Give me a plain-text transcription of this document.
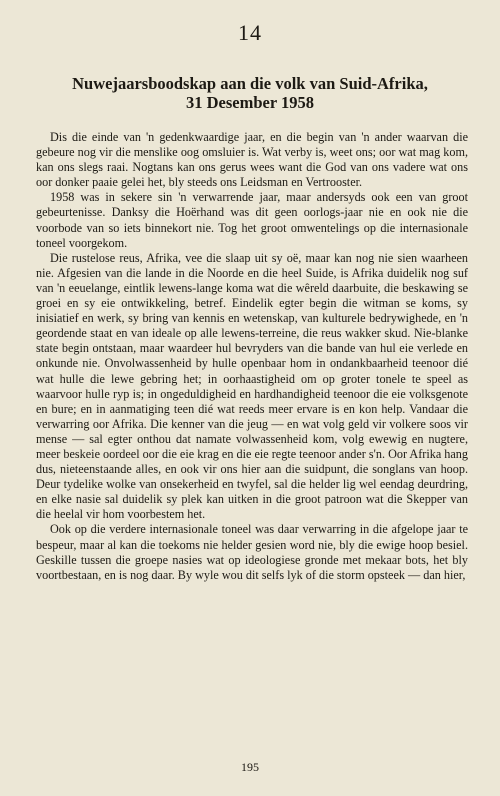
14
Nuwejaarsboodskap aan die volk van Suid-Afrika,
31 Desember 1958

Dis die einde van 'n gedenkwaardige jaar, en die begin van 'n ander waarvan die gebeure nog vir die menslike oog omsluier is. Wat verby is, weet ons; oor wat mag kom, kan ons slegs raai. Nogtans kan ons gerus wees want die God van ons vadere wat ons oor donker paaie gelei het, bly steeds ons Leidsman en Vertrooster.

1958 was in sekere sin 'n verwarrende jaar, maar andersyds ook een van groot gebeurtenisse. Danksy die Hoërhand was dit geen oorlogs-jaar nie en ook nie die voorbode van so iets binnekort nie. Tog het groot omwentelings op die internasionale toneel voorgekom.

Die rustelose reus, Afrika, vee die slaap uit sy oë, maar kan nog nie sien waarheen nie. Afgesien van die lande in die Noorde en die heel Suide, is Afrika duidelik nog suf van 'n eeuelange, eintlik lewens-lange koma wat die wêreld daarbuite, die beskawing se groei en sy eie ontwikkeling, betref. Eindelik egter begin die witman se koms, sy inisiatief en werk, sy bring van kennis en wetenskap, van kulturele bedrywighede, en 'n geordende staat en van ideale op alle lewens-terreine, die reus wakker skud. Nie-blanke state begin ontstaan, maar waardeer hul bevryders van die bande van hul eie verlede en onkunde nie. Onvolwassenheid by hulle openbaar hom in ondankbaarheid teenoor dié wat hulle die lewe gebring het; in oorhaastigheid om op groter tonele te speel as waarvoor hulle ryp is; in ongeduldigheid en hardhandigheid teenoor die eie volksgenote en bure; en in aanmatiging teen dié wat reeds meer ervare is en kon help. Vandaar die verwarring oor Afrika. Die kenner van die jeug — en wat volg geld vir volkere soos vir mense — sal egter onthou dat namate volwassenheid kom, volg ewewig en nugtere, meer beskeie oordeel oor die eie krag en die eie regte teenoor ander s'n. Oor Afrika hang dus, nieteenstaande alles, en ook vir ons hier aan die suidpunt, die songlans van hoop. Deur tydelike wolke van onsekerheid en twyfel, sal die helder lig wel eendag deurdring, en elke nasie sal duidelik sy plek kan uitken in die groot patroon wat die Skepper van die heelal vir hom voorbestem het.

Ook op die verdere internasionale toneel was daar verwarring in die afgelope jaar te bespeur, maar al kan die toekoms nie helder gesien word nie, bly die ewige hoop besiel. Geskille tussen die groepe nasies wat op ideologiese gronde met mekaar bots, het bly voortbestaan, en is nog daar. By wyle wou dit selfs lyk of die storm opsteek — dan hier,

195
